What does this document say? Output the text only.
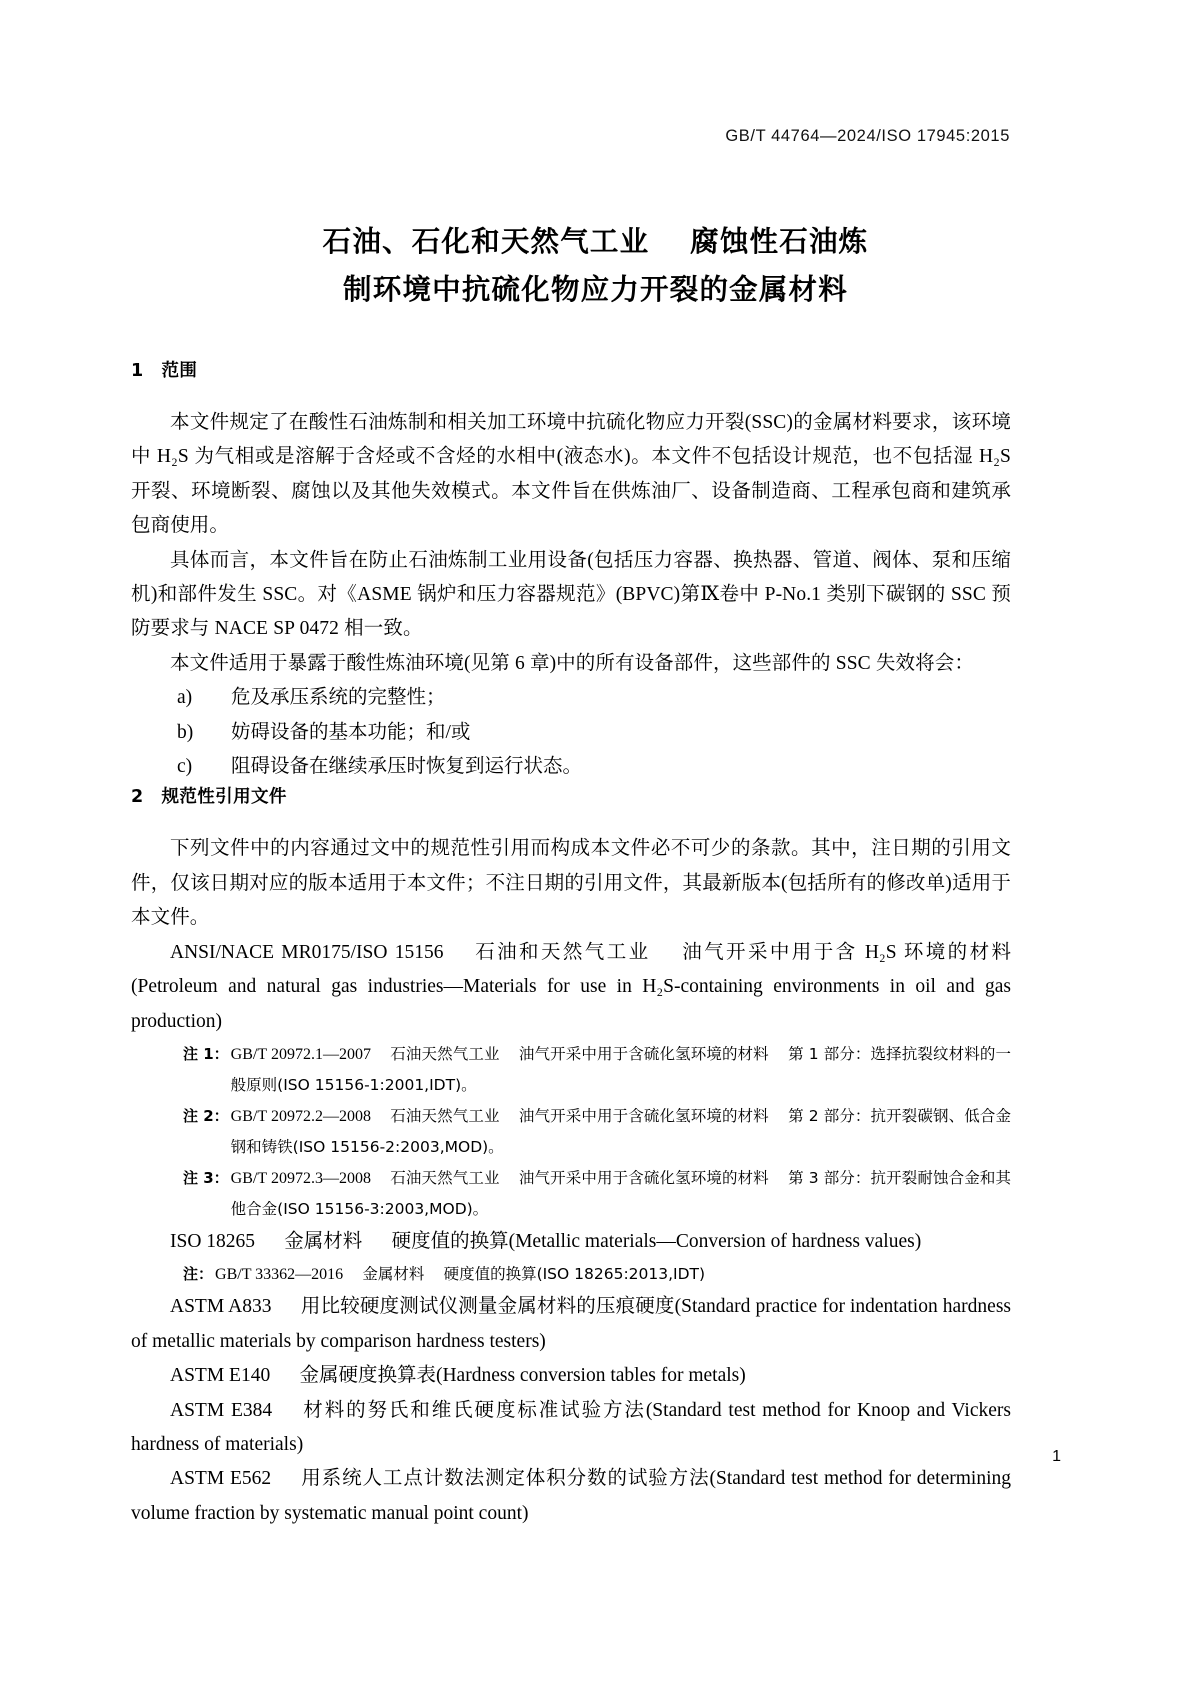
GB/T 44764—2024/ISO 17945:2015
石油、石化和天然气工业　 腐蚀性石油炼
制环境中抗硫化物应力开裂的金属材料
1　范围

本文件规定了在酸性石油炼制和相关加工环境中抗硫化物应力开裂(SSC)的金属材料要求，该环境中 H₂S 为气相或是溶解于含烃或不含烃的水相中(液态水)。本文件不包括设计规范，也不包括湿 H₂S 开裂、环境断裂、腐蚀以及其他失效模式。本文件旨在供炼油厂、设备制造商、工程承包商和建筑承包商使用。

具体而言，本文件旨在防止石油炼制工业用设备(包括压力容器、换热器、管道、阀体、泵和压缩机)和部件发生 SSC。对《ASME 锅炉和压力容器规范》(BPVC)第Ⅸ卷中 P-No.1 类别下碳钢的 SSC 预防要求与 NACE SP 0472 相一致。

本文件适用于暴露于酸性炼油环境(见第 6 章)中的所有设备部件，这些部件的 SSC 失效将会：

a)	危及承压系统的完整性；
b)	妨碍设备的基本功能；和/或
c)	阻碍设备在继续承压时恢复到运行状态。
2　规范性引用文件

下列文件中的内容通过文中的规范性引用而构成本文件必不可少的条款。其中，注日期的引用文件，仅该日期对应的版本适用于本文件；不注日期的引用文件，其最新版本(包括所有的修改单)适用于本文件。

ANSI/NACE MR0175/ISO 15156 石油和天然气工业 油气开采中用于含 H₂S 环境的材料(Petroleum and natural gas industries—Materials for use in H₂S-containing environments in oil and gas production)

注 1： GB/T 20972.1—2007 石油天然气工业 油气开采中用于含硫化氢环境的材料 第 1 部分：选择抗裂纹材料的一般原则(ISO 15156-1:2001,IDT)。
注 2： GB/T 20972.2—2008 石油天然气工业 油气开采中用于含硫化氢环境的材料 第 2 部分：抗开裂碳钢、低合金钢和铸铁(ISO 15156-2:2003,MOD)。
注 3： GB/T 20972.3—2008 石油天然气工业 油气开采中用于含硫化氢环境的材料 第 3 部分：抗开裂耐蚀合金和其他合金(ISO 15156-3:2003,MOD)。

ISO 18265 金属材料 硬度值的换算(Metallic materials—Conversion of hardness values)

注： GB/T 33362—2016 金属材料 硬度值的换算(ISO 18265:2013,IDT)

ASTM A833 用比较硬度测试仪测量金属材料的压痕硬度(Standard practice for indentation hardness of metallic materials by comparison hardness testers)

ASTM E140 金属硬度换算表(Hardness conversion tables for metals)

ASTM E384 材料的努氏和维氏硬度标准试验方法(Standard test method for Knoop and Vickers hardness of materials)

ASTM E562 用系统人工点计数法测定体积分数的试验方法(Standard test method for determining volume fraction by systematic manual point count)

1
